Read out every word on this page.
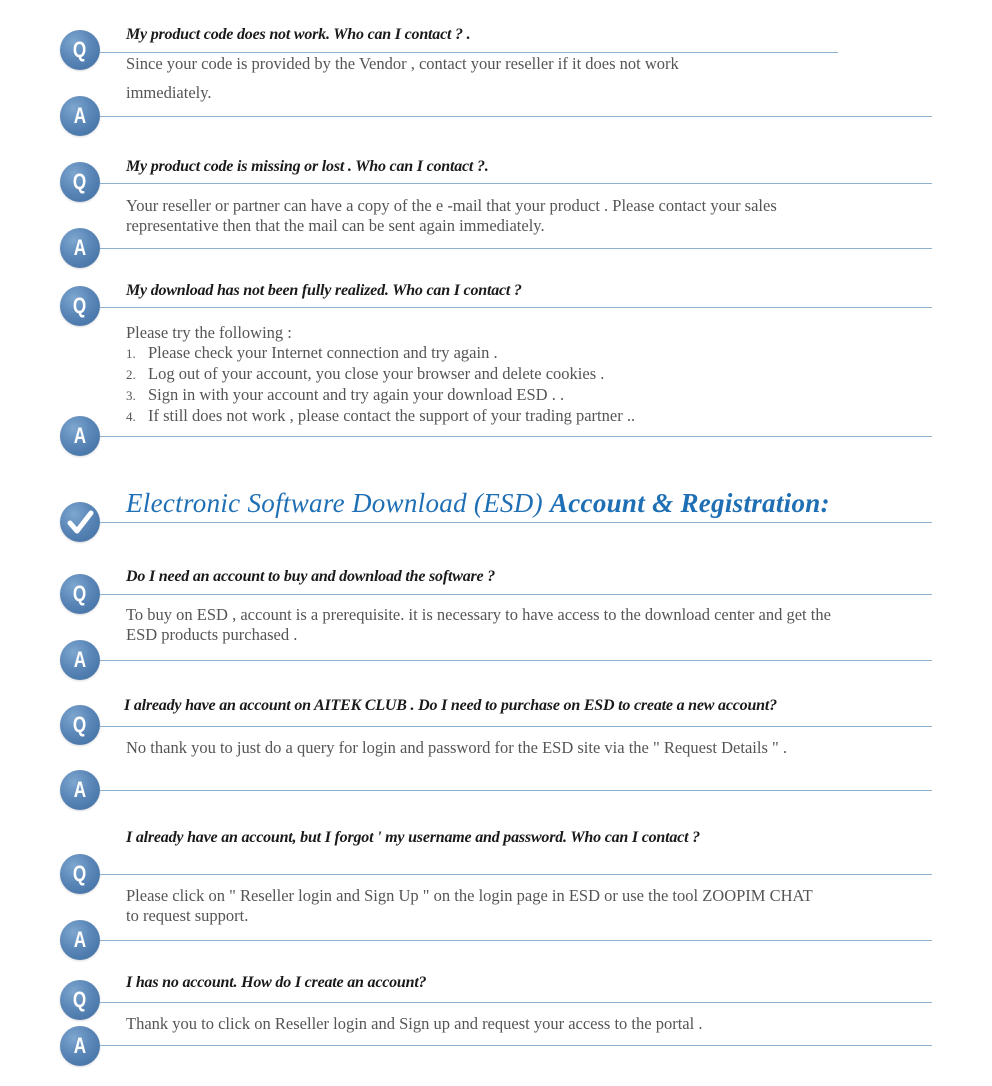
Q
My product code does not work. Who can I contact ? .
Since your code is provided by the Vendor , contact your reseller if it does not work
immediately.
A
Q
My product code is missing or lost . Who can I contact ?.
Your reseller or partner can have a copy of the e -mail that your product . Please contact your sales
representative then that the mail can be sent again immediately.
A
Q
My download has not been fully realized. Who can I contact ?
Please try the following :
1. Please check your Internet connection and try again .
2. Log out of your account, you close your browser and delete cookies .
3. Sign in with your account and try again your download ESD . .
4. If still does not work , please contact the support of your trading partner ..
A
Electronic Software Download (ESD) Account & Registration:
Q
Do I need an account to buy and download the software ?
To buy on ESD , account is a prerequisite. it is necessary to have access to the download center and get the
ESD products purchased .
A
Q
I already have an account on AITEK CLUB . Do I need to purchase on ESD to create a new account?
No thank you to just do a query for login and password for the ESD site via the " Request Details " .
A
I already have an account, but I forgot ' my username and password. Who can I contact ?
Q
Please click on " Reseller login and Sign Up " on the login page in ESD or use the tool ZOOPIM CHAT
to request support.
A
Q
I has no account. How do I create an account?
Thank you to click on Reseller login and Sign up and request your access to the portal .
A
